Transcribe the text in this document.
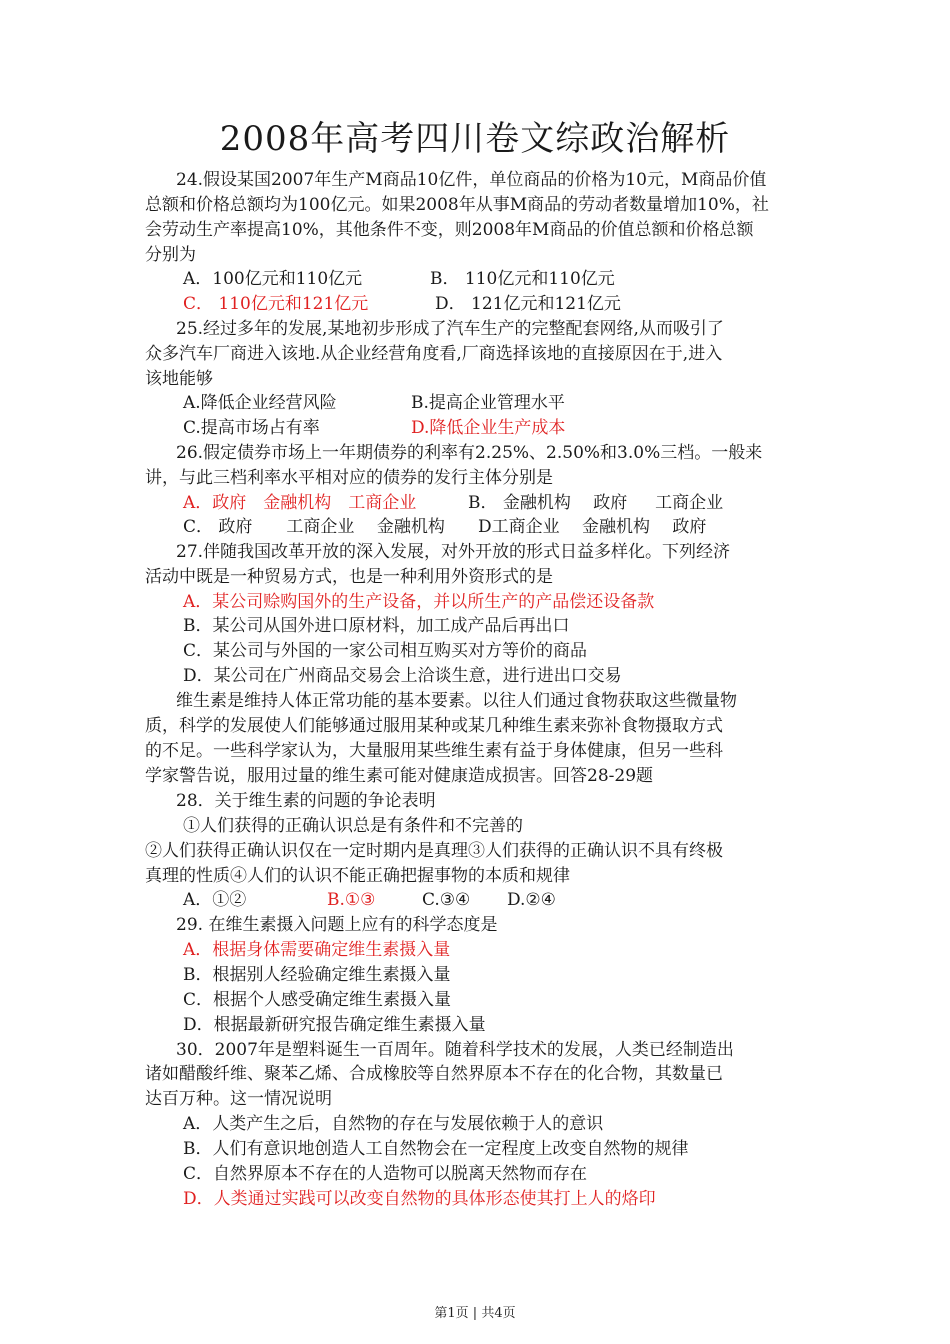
2008年高考四川卷文综政治解析
24.假设某国2007年生产M商品10亿件，单位商品的价格为10元，M商品价值
总额和价格总额均为100亿元。如果2008年从事M商品的劳动者数量增加10%，社
会劳动生产率提高10%，其他条件不变，则2008年M商品的价值总额和价格总额
分别为
A．100亿元和110亿元	B． 110亿元和110亿元
C． 110亿元和121亿元	D． 121亿元和121亿元
25.经过多年的发展,某地初步形成了汽车生产的完整配套网络,从而吸引了
众多汽车厂商进入该地.从企业经营角度看,厂商选择该地的直接原因在于,进入
该地能够
A.降低企业经营风险	B.提高企业管理水平
C.提高市场占有率	D.降低企业生产成本
26.假定债券市场上一年期债券的利率有2.25%、2.50%和3.0%三档。一般来
讲，与此三档利率水平相对应的债券的发行主体分别是
A．政府　金融机构　工商企业	B． 金融机构　 政府 　 工商企业
C． 政府　　工商企业　 金融机构 D工商企业　 金融机构 　政府
27.伴随我国改革开放的深入发展，对外开放的形式日益多样化。下列经济
活动中既是一种贸易方式，也是一种利用外资形式的是
A．某公司赊购国外的生产设备，并以所生产的产品偿还设备款
B．某公司从国外进口原材料，加工成产品后再出口
C．某公司与外国的一家公司相互购买对方等价的商品
D．某公司在广州商品交易会上洽谈生意，进行进出口交易
维生素是维持人体正常功能的基本要素。以往人们通过食物获取这些微量物
质，科学的发展使人们能够通过服用某种或某几种维生素来弥补食物摄取方式
的不足。一些科学家认为，大量服用某些维生素有益于身体健康，但另一些科
学家警告说，服用过量的维生素可能对健康造成损害。回答28-29题
28．关于维生素的问题的争论表明
①人们获得的正确认识总是有条件和不完善的
②人们获得正确认识仅在一定时期内是真理③人们获得的正确认识不具有终极
真理的性质④人们的认识不能正确把握事物的本质和规律
A．①②	B.①③	C.③④ D.②④
29. 在维生素摄入问题上应有的科学态度是
A．根据身体需要确定维生素摄入量
B．根据别人经验确定维生素摄入量
C．根据个人感受确定维生素摄入量
D．根据最新研究报告确定维生素摄入量
30．2007年是塑料诞生一百周年。随着科学技术的发展，人类已经制造出
诸如醋酸纤维、聚苯乙烯、合成橡胶等自然界原本不存在的化合物，其数量已
达百万种。这一情况说明
A．人类产生之后，自然物的存在与发展依赖于人的意识
B．人们有意识地创造人工自然物会在一定程度上改变自然物的规律
C．自然界原本不存在的人造物可以脱离天然物而存在
D．人类通过实践可以改变自然物的具体形态使其打上人的烙印
第1页 | 共4页
